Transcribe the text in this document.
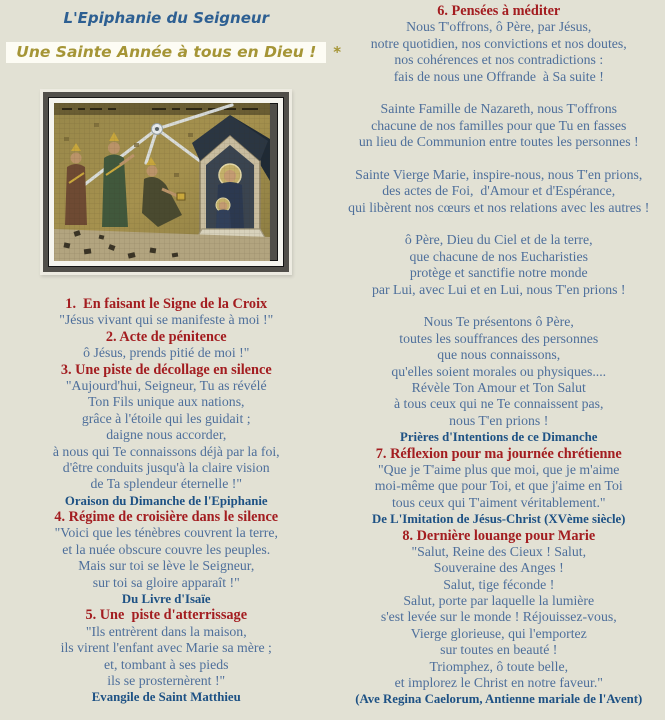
L'Epiphanie du Seigneur
Une Sainte Année à tous en Dieu !	*
1.  En faisant le Signe de la Croix
"Jésus vivant qui se manifeste à moi !"
2. Acte de pénitence
ô Jésus, prends pitié de moi !"
3. Une piste de décollage en silence
"Aujourd'hui, Seigneur, Tu as révélé
Ton Fils unique aux nations,
grâce à l'étoile qui les guidait ;
daigne nous accorder,
à nous qui Te connaissons déjà par la foi,
d'être conduits jusqu'à la claire vision
de Ta splendeur éternelle !"
Oraison du Dimanche de l'Epiphanie
4. Régime de croisière dans le silence
"Voici que les ténèbres couvrent la terre,
et la nuée obscure couvre les peuples.
Mais sur toi se lève le Seigneur,
sur toi sa gloire apparaît !"
Du Livre d'Isaïe
5. Une  piste d'atterrissage
"Ils entrèrent dans la maison,
ils virent l'enfant avec Marie sa mère ;
et, tombant à ses pieds
ils se prosternèrent !"
Evangile de Saint Matthieu
6. Pensées à méditer
Nous T'offrons, ô Père, par Jésus,
notre quotidien, nos convictions et nos doutes,
nos cohérences et nos contradictions :
fais de nous une Offrande  à Sa suite !
Sainte Famille de Nazareth, nous T'offrons
chacune de nos familles pour que Tu en fasses
un lieu de Communion entre toutes les personnes !
Sainte Vierge Marie, inspire-nous, nous T'en prions,
des actes de Foi,  d'Amour et d'Espérance,
qui libèrent nos cœurs et nos relations avec les autres !
ô Père, Dieu du Ciel et de la terre,
que chacune de nos Eucharisties
protège et sanctifie notre monde
par Lui, avec Lui et en Lui, nous T'en prions !
Nous Te présentons ô Père,
toutes les souffrances des personnes
que nous connaissons,
qu'elles soient morales ou physiques....
Révèle Ton Amour et Ton Salut
à tous ceux qui ne Te connaissent pas,
nous T'en prions !
Prières d'Intentions de ce Dimanche
7. Réflexion pour ma journée chrétienne
"Que je T'aime plus que moi, que je m'aime
moi-même que pour Toi, et que j'aime en Toi
tous ceux qui T'aiment véritablement."
De L'Imitation de Jésus-Christ (XVème siècle)
8. Dernière louange pour Marie
"Salut, Reine des Cieux ! Salut,
Souveraine des Anges !
Salut, tige féconde !
Salut, porte par laquelle la lumière
s'est levée sur le monde ! Réjouissez-vous,
Vierge glorieuse, qui l'emportez
sur toutes en beauté !
Triomphez, ô toute belle,
et implorez le Christ en notre faveur."
(Ave Regina Caelorum, Antienne mariale de l'Avent)
